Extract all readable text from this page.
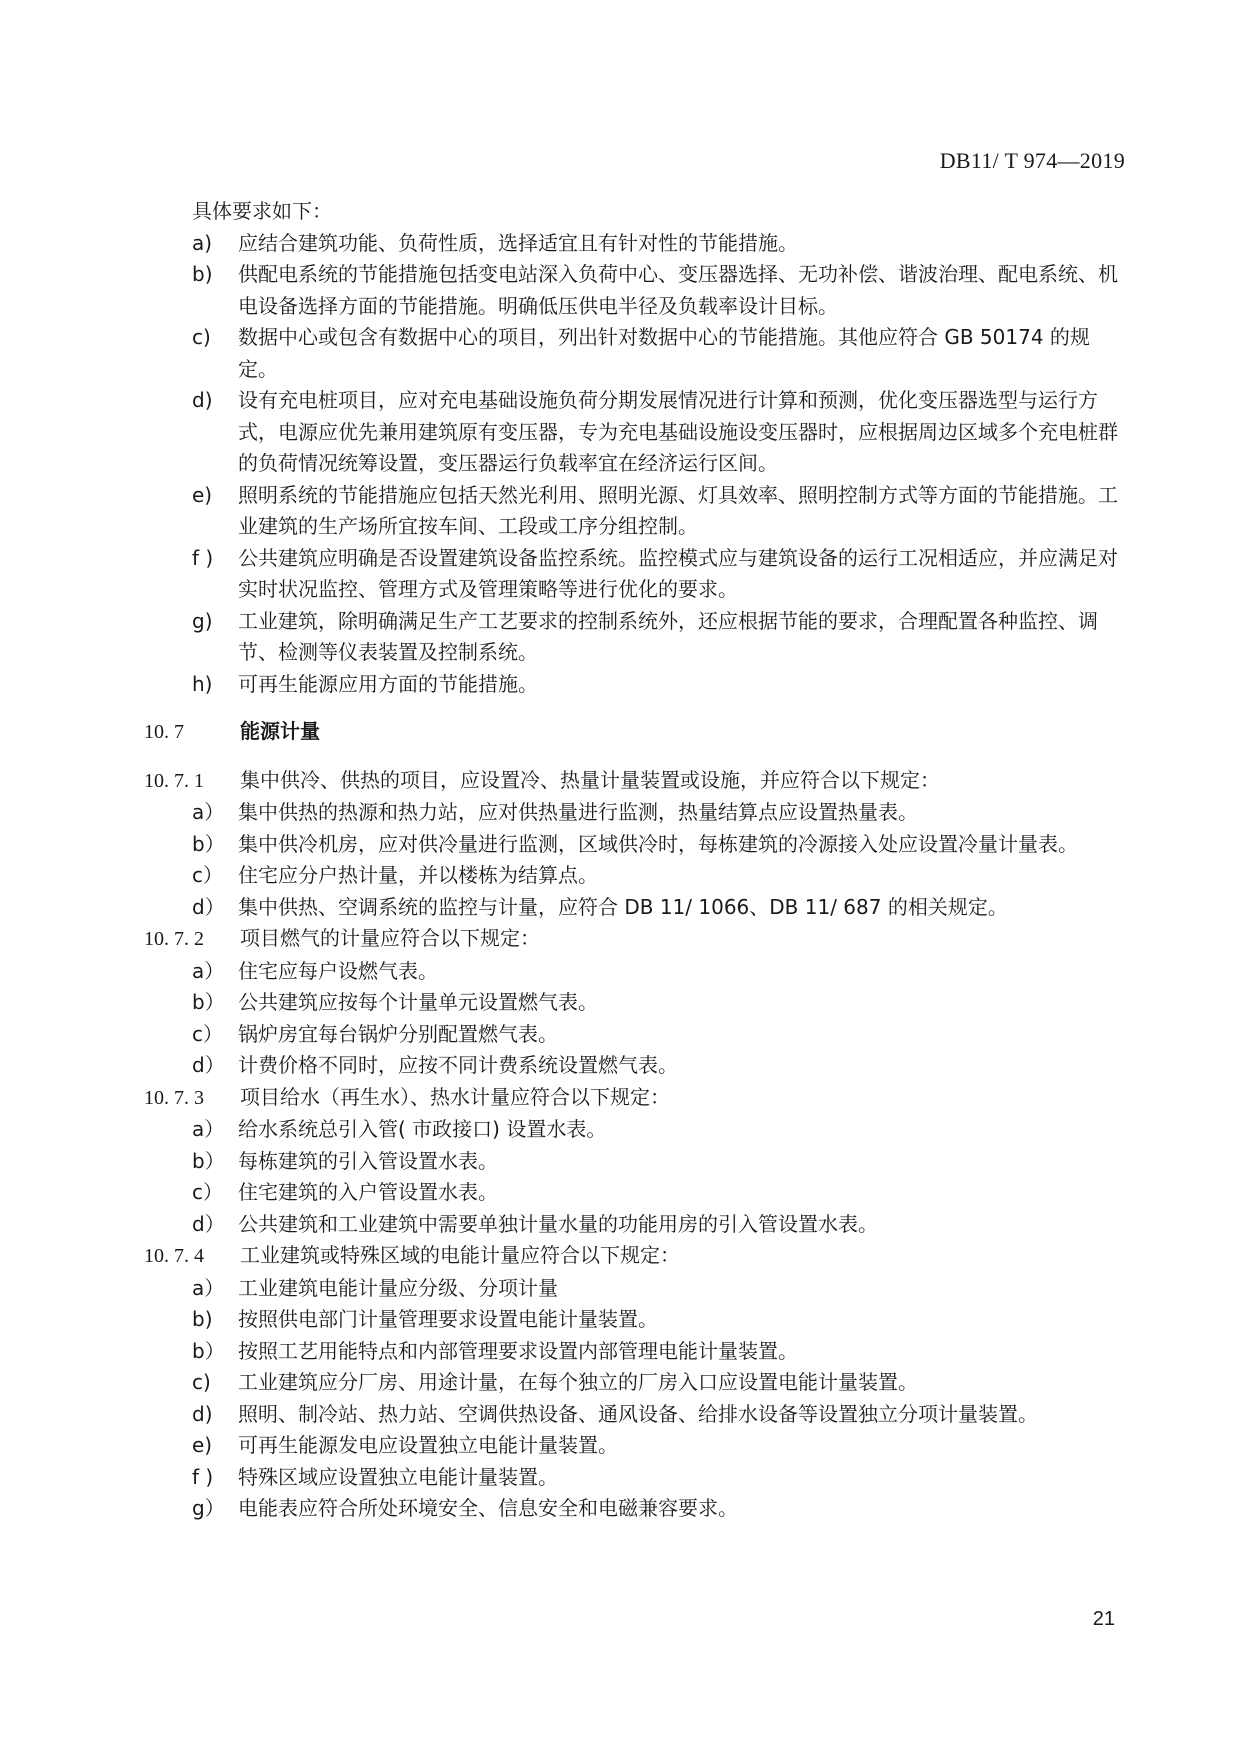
DB11/ T 974—2019
具体要求如下：
a) 应结合建筑功能、负荷性质，选择适宜且有针对性的节能措施。
b) 供配电系统的节能措施包括变电站深入负荷中心、变压器选择、无功补偿、谐波治理、配电系统、机电设备选择方面的节能措施。明确低压供电半径及负载率设计目标。
c) 数据中心或包含有数据中心的项目，列出针对数据中心的节能措施。其他应符合 GB 50174 的规定。
d) 设有充电桩项目，应对充电基础设施负荷分期发展情况进行计算和预测，优化变压器选型与运行方式，电源应优先兼用建筑原有变压器，专为充电基础设施设变压器时，应根据周边区域多个充电桩群的负荷情况统筹设置，变压器运行负载率宜在经济运行区间。
e) 照明系统的节能措施应包括天然光利用、照明光源、灯具效率、照明控制方式等方面的节能措施。工业建筑的生产场所宜按车间、工段或工序分组控制。
f ) 公共建筑应明确是否设置建筑设备监控系统。监控模式应与建筑设备的运行工况相适应，并应满足对实时状况监控、管理方式及管理策略等进行优化的要求。
g) 工业建筑，除明确满足生产工艺要求的控制系统外，还应根据节能的要求，合理配置各种监控、调节、检测等仪表装置及控制系统。
h) 可再生能源应用方面的节能措施。
10. 7	能源计量
10. 7. 1 集中供冷、供热的项目，应设置冷、热量计量装置或设施，并应符合以下规定：
a） 集中供热的热源和热力站，应对供热量进行监测，热量结算点应设置热量表。
b） 集中供冷机房，应对供冷量进行监测，区域供冷时，每栋建筑的冷源接入处应设置冷量计量表。
c） 住宅应分户热计量，并以楼栋为结算点。
d） 集中供热、空调系统的监控与计量，应符合 DB 11/ 1066、DB 11/ 687 的相关规定。
10. 7. 2 项目燃气的计量应符合以下规定：
a） 住宅应每户设燃气表。
b） 公共建筑应按每个计量单元设置燃气表。
c） 锅炉房宜每台锅炉分别配置燃气表。
d） 计费价格不同时，应按不同计费系统设置燃气表。
10. 7. 3 项目给水（再生水）、热水计量应符合以下规定：
a） 给水系统总引入管( 市政接口) 设置水表。
b） 每栋建筑的引入管设置水表。
c） 住宅建筑的入户管设置水表。
d） 公共建筑和工业建筑中需要单独计量水量的功能用房的引入管设置水表。
10. 7. 4 工业建筑或特殊区域的电能计量应符合以下规定：
a） 工业建筑电能计量应分级、分项计量
b) 按照供电部门计量管理要求设置电能计量装置。
b） 按照工艺用能特点和内部管理要求设置内部管理电能计量装置。
c) 工业建筑应分厂房、用途计量，在每个独立的厂房入口应设置电能计量装置。
d) 照明、制冷站、热力站、空调供热设备、通风设备、给排水设备等设置独立分项计量装置。
e) 可再生能源发电应设置独立电能计量装置。
f ) 特殊区域应设置独立电能计量装置。
g） 电能表应符合所处环境安全、信息安全和电磁兼容要求。
21
